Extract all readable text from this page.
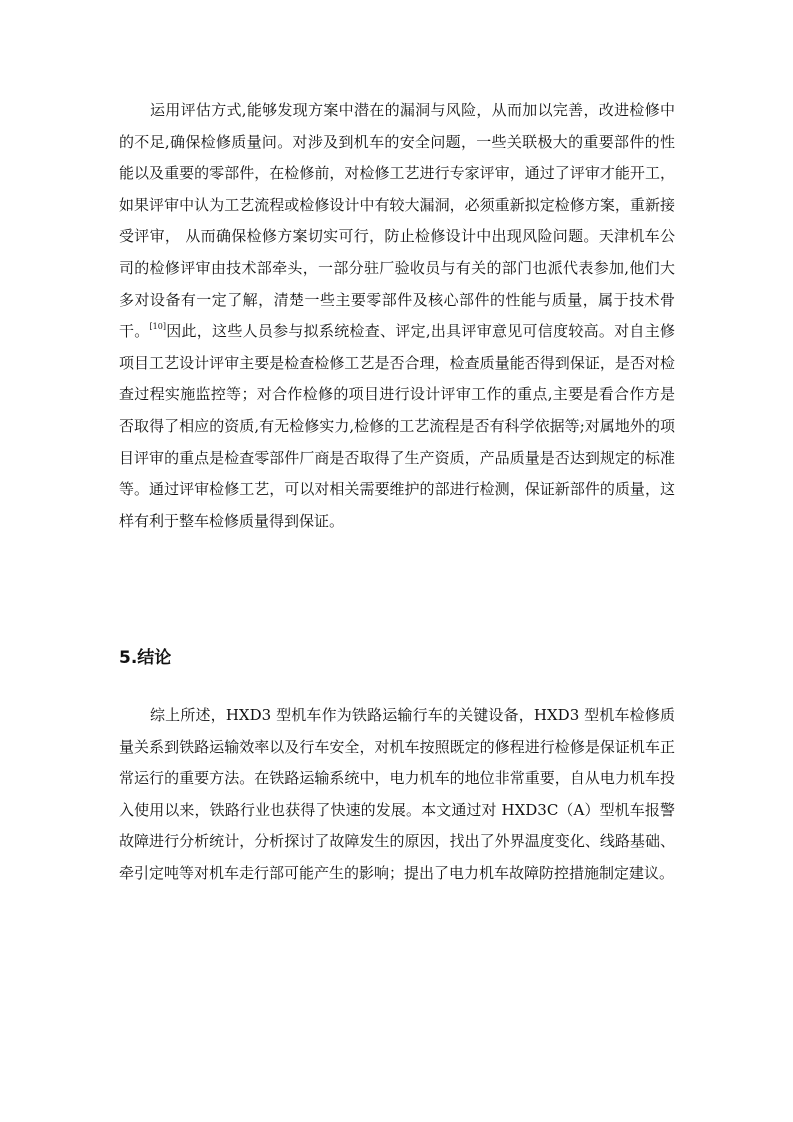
运用评估方式,能够发现方案中潜在的漏洞与风险，从而加以完善，改进检修中的不足,确保检修质量问。对涉及到机车的安全问题，一些关联极大的重要部件的性能以及重要的零部件，在检修前，对检修工艺进行专家评审，通过了评审才能开工，如果评审中认为工艺流程或检修设计中有较大漏洞，必须重新拟定检修方案，重新接受评审， 从而确保检修方案切实可行，防止检修设计中出现风险问题。天津机车公司的检修评审由技术部牵头，一部分驻厂验收员与有关的部门也派代表参加,他们大多对设备有一定了解，清楚一些主要零部件及核心部件的性能与质量，属于技术骨干。[10]因此，这些人员参与拟系统检查、评定,出具评审意见可信度较高。对自主修项目工艺设计评审主要是检查检修工艺是否合理，检查质量能否得到保证，是否对检查过程实施监控等；对合作检修的项目进行设计评审工作的重点,主要是看合作方是否取得了相应的资质,有无检修实力,检修的工艺流程是否有科学依据等;对属地外的项目评审的重点是检查零部件厂商是否取得了生产资质，产品质量是否达到规定的标准等。通过评审检修工艺，可以对相关需要维护的部进行检测，保证新部件的质量，这样有利于整车检修质量得到保证。

5.结论

综上所述，HXD3 型机车作为铁路运输行车的关键设备，HXD3 型机车检修质量关系到铁路运输效率以及行车安全，对机车按照既定的修程进行检修是保证机车正常运行的重要方法。在铁路运输系统中，电力机车的地位非常重要，自从电力机车投入使用以来，铁路行业也获得了快速的发展。本文通过对 HXD3C（A）型机车报警故障进行分析统计，分析探讨了故障发生的原因，找出了外界温度变化、线路基础、牵引定吨等对机车走行部可能产生的影响；提出了电力机车故障防控措施制定建议。
